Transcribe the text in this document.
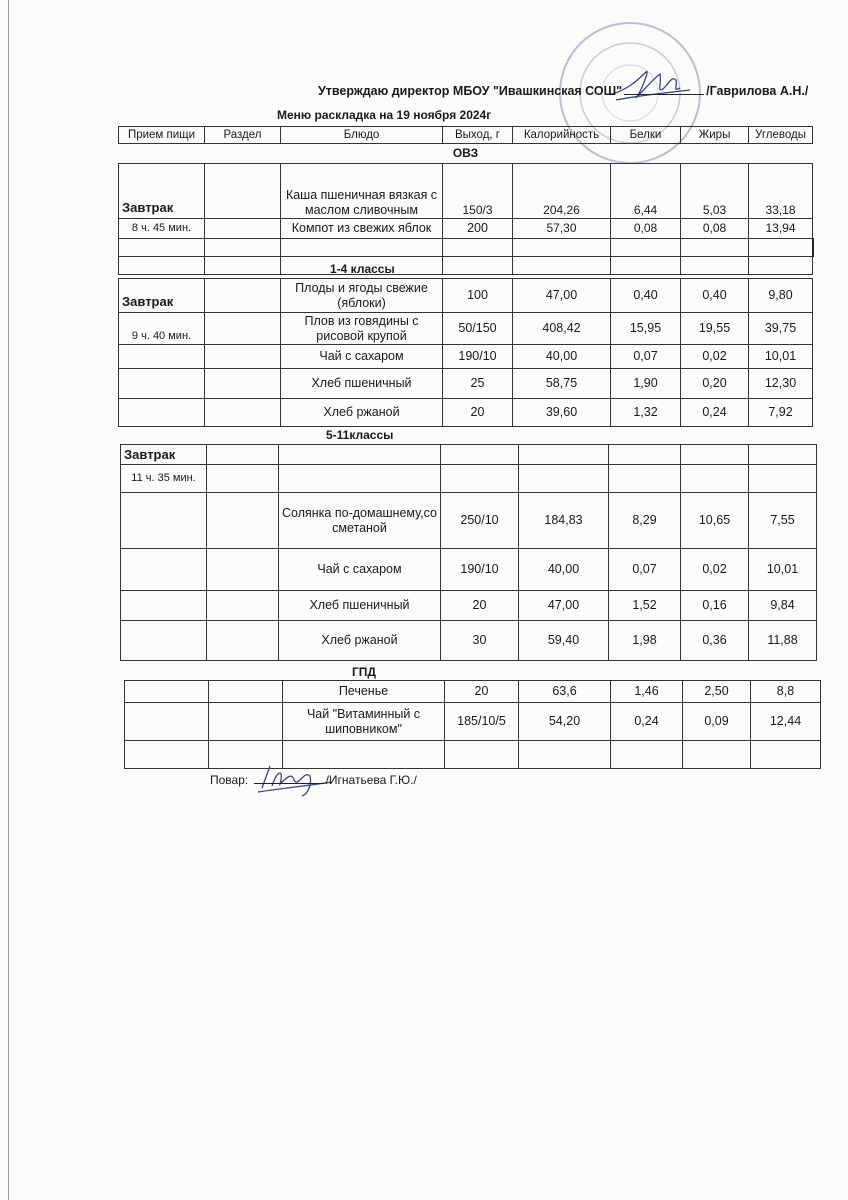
Утверждаю директор МБОУ "Ивашкинская СОШ"	/Гаврилова А.Н./
Меню раскладка на 19 ноября 2024г
Прием пищи	Раздел	Блюдо	Выход, г	Калорийность	Белки	Жиры	Углеводы
ОВЗ							
Завтрак		Каша пшеничная вязкая с маслом сливочным	150/3	204,26	6,44	5,03	33,18
8 ч. 45 мин.		Компот из свежих яблок	200	57,30	0,08	0,08	13,94

1-4 классы
Завтрак		Плоды и ягоды свежие (яблоки)	100	47,00	0,40	0,40	9,80
9 ч. 40 мин.		Плов из говядины с рисовой крупой	50/150	408,42	15,95	19,55	39,75
		Чай с сахаром	190/10	40,00	0,07	0,02	10,01
		Хлеб пшеничный	25	58,75	1,90	0,20	12,30
		Хлеб ржаной	20	39,60	1,32	0,24	7,92
5-11классы
Завтрак							
11 ч. 35 мин.							
		Солянка по-домашнему,со сметаной	250/10	184,83	8,29	10,65	7,55
		Чай с сахаром	190/10	40,00	0,07	0,02	10,01
		Хлеб пшеничный	20	47,00	1,52	0,16	9,84
		Хлеб ржаной	30	59,40	1,98	0,36	11,88
ГПД
		Печенье	20	63,6	1,46	2,50	8,8
		Чай "Витаминный с шиповником"	185/10/5	54,20	0,24	0,09	12,44

Повар:	/Игнатьева Г.Ю./
